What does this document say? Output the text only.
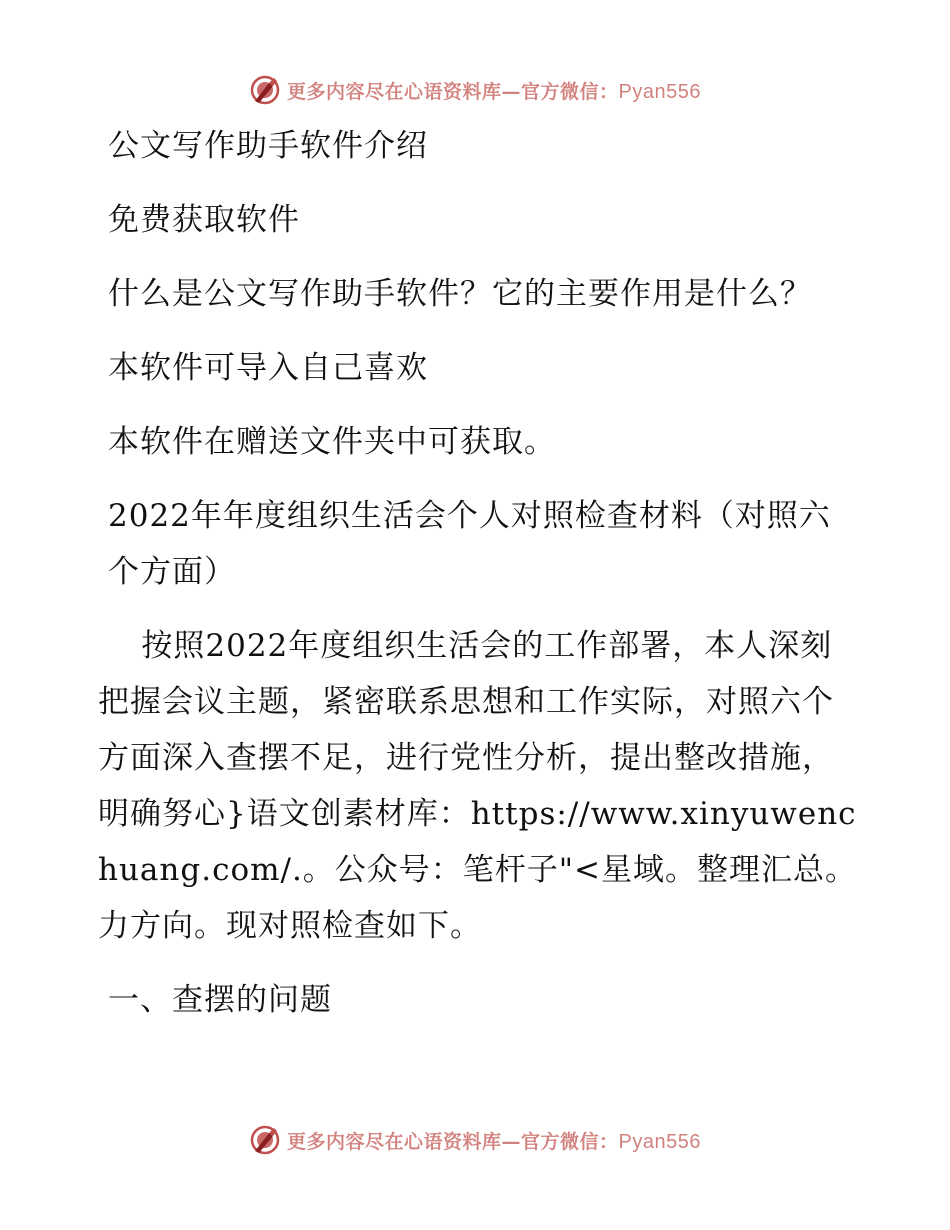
更多内容尽在心语资料库—官方微信：Pyan556

公文写作助手软件介绍

免费获取软件

什么是公文写作助手软件？它的主要作用是什么？

本软件可导入自己喜欢

本软件在赠送文件夹中可获取。

2022年年度组织生活会个人对照检查材料（对照六个方面）

按照2022年度组织生活会的工作部署，本人深刻把握会议主题，紧密联系思想和工作实际，对照六个方面深入查摆不足，进行党性分析，提出整改措施，明确努心}语文创素材库：https://www.xinyuwenchuang.com/.。公众号：笔杆子"<星域。整理汇总。力方向。现对照检查如下。

一、查摆的问题

更多内容尽在心语资料库—官方微信：Pyan556
